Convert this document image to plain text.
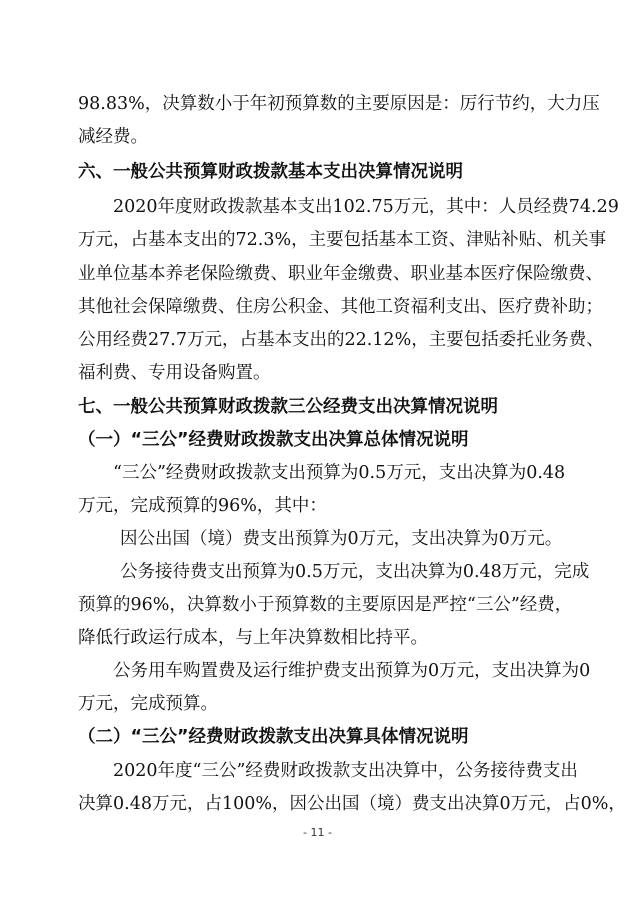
98.83%，决算数小于年初预算数的主要原因是：厉行节约，大力压
减经费。
六、一般公共预算财政拨款基本支出决算情况说明
2020年度财政拨款基本支出102.75万元，其中：人员经费74.29
万元，占基本支出的72.3%，主要包括基本工资、津贴补贴、机关事
业单位基本养老保险缴费、职业年金缴费、职业基本医疗保险缴费、
其他社会保障缴费、住房公积金、其他工资福利支出、医疗费补助；
公用经费27.7万元，占基本支出的22.12%，主要包括委托业务费、
福利费、专用设备购置。
七、一般公共预算财政拨款三公经费支出决算情况说明
（一）“三公”经费财政拨款支出决算总体情况说明
“三公”经费财政拨款支出预算为0.5万元，支出决算为0.48
万元，完成预算的96%，其中：
因公出国（境）费支出预算为0万元，支出决算为0万元。
公务接待费支出预算为0.5万元，支出决算为0.48万元，完成
预算的96%，决算数小于预算数的主要原因是严控“三公”经费，
降低行政运行成本，与上年决算数相比持平。
公务用车购置费及运行维护费支出预算为0万元，支出决算为0
万元，完成预算。
（二）“三公”经费财政拨款支出决算具体情况说明
2020年度“三公”经费财政拨款支出决算中，公务接待费支出
决算0.48万元，占100%，因公出国（境）费支出决算0万元，占0%，
- 11 -
